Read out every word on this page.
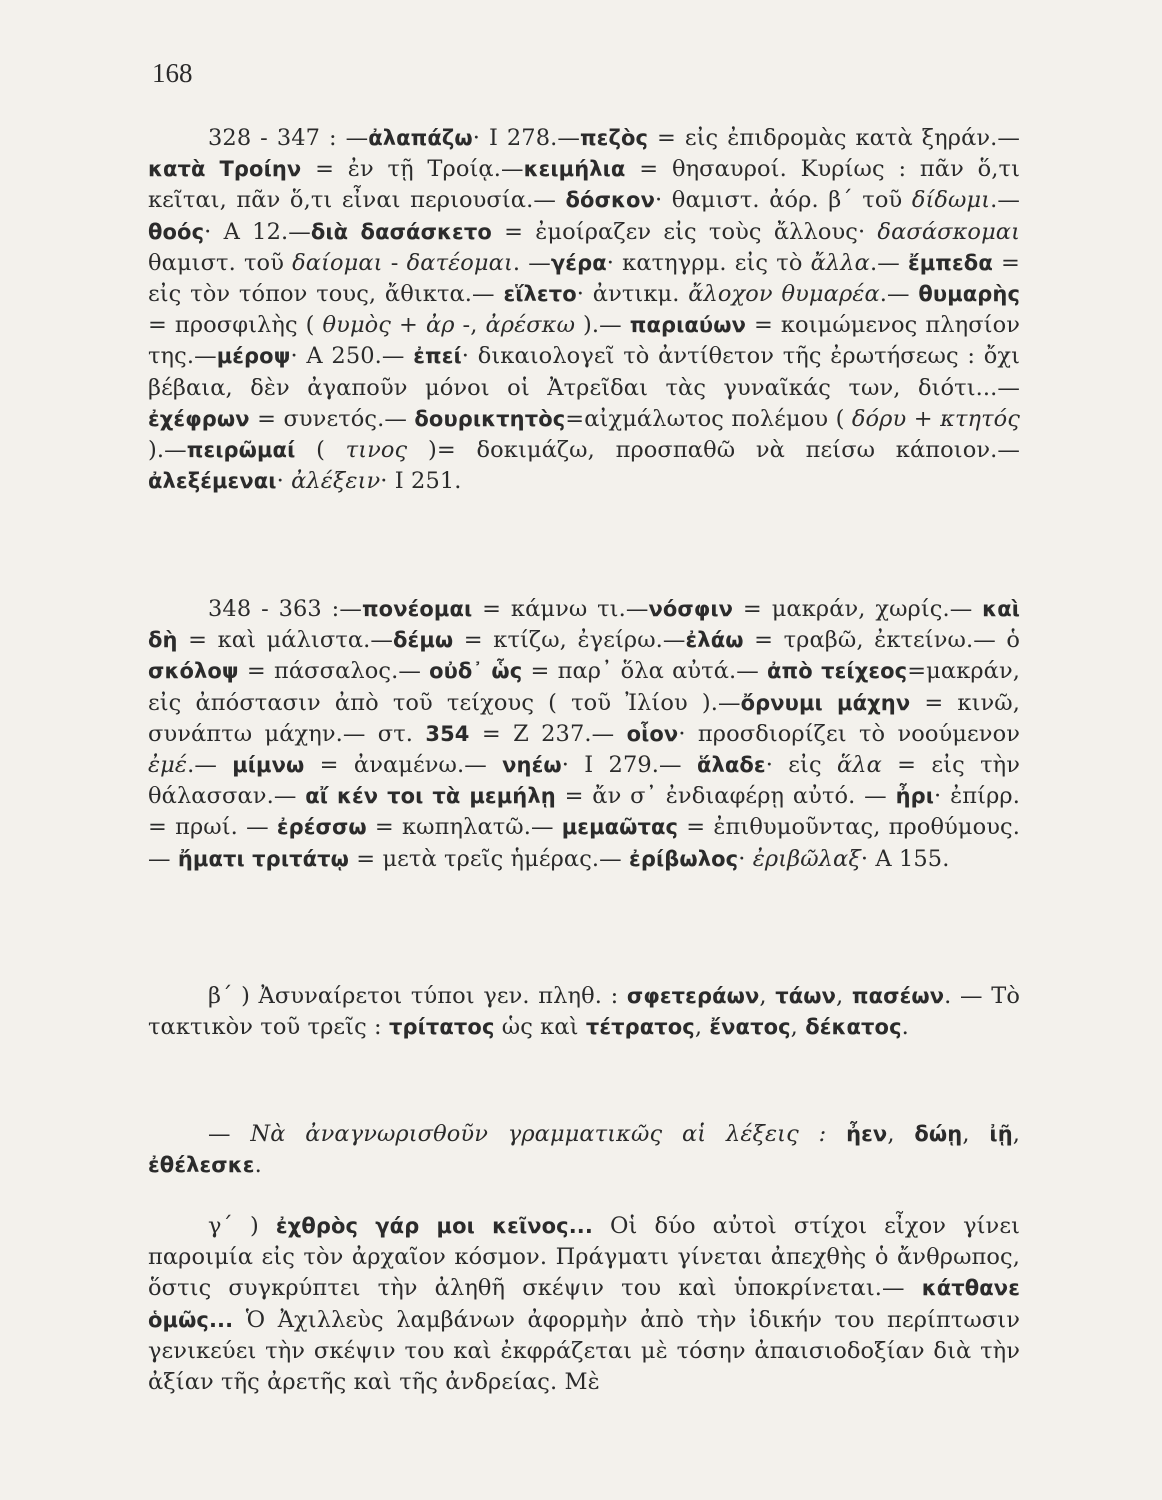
168
328 - 347 : —ἀλαπάζω· Ι 278.—πεζὸς = εἰς ἐπιδρομὰς κατὰ ξηράν.—κατὰ Τροίην = ἐν τῇ Τροίᾳ.—κειμήλια = θησαυροί. Κυρίως : πᾶν ὅ,τι κεῖται, πᾶν ὅ,τι εἶναι περιουσία.— δόσκον· θαμιστ. ἀόρ. β΄ τοῦ δίδωμι.—θοός· Α 12.—διὰ δασάσκετο = ἐμοίραζεν εἰς τοὺς ἄλλους· δασάσκομαι θαμιστ. τοῦ δαίομαι - δατέομαι. —γέρα· κατηγρμ. εἰς τὸ ἄλλα.— ἔμπεδα = εἰς τὸν τόπον τους, ἄθικτα.— εἵλετο· ἀντικμ. ἄλοχον θυμαρέα.— θυμαρὴς = προσφιλὴς ( θυμὸς + ἀρ -, ἀρέσκω ).— παριαύων = κοιμώμενος πλησίον της.—μέροψ· Α 250.— ἐπεί· δικαιολογεῖ τὸ ἀντίθετον τῆς ἐρωτήσεως : ὄχι βέβαια, δὲν ἀγαποῦν μόνοι οἱ Ἀτρεῖδαι τὰς γυναῖκάς των, διότι...— ἐχέφρων = συνετός.— δουρικτητὸς=αἰχμάλωτος πολέμου ( δόρυ + κτητός ).—πειρῶμαί ( τινος )= δοκιμάζω, προσπαθῶ νὰ πείσω κάποιον.—ἀλεξέμεναι· ἀλέξειν· Ι 251.
348 - 363 :—πονέομαι = κάμνω τι.—νόσφιν = μακράν, χωρίς.— καὶ δὴ = καὶ μάλιστα.—δέμω = κτίζω, ἐγείρω.—ἐλάω = τραβῶ, ἐκτείνω.— ὁ σκόλοψ = πάσσαλος.— οὐδ᾽ ὧς = παρ᾽ ὅλα αὐτά.— ἀπὸ τείχεος=μακράν, εἰς ἀπόστασιν ἀπὸ τοῦ τείχους ( τοῦ Ἰλίου ).—ὄρνυμι μάχην = κινῶ, συνάπτω μάχην.— στ. 354 = Ζ 237.— οἷον· προσδιορίζει τὸ νοούμενον ἐμέ.— μίμνω = ἀναμένω.— νηέω· Ι 279.— ἅλαδε· εἰς ἅλα = εἰς τὴν θάλασσαν.— αἴ κέν τοι τὰ μεμήλῃ = ἄν σ᾽ ἐνδιαφέρῃ αὐτό. — ἦρι· ἐπίρρ. = πρωί. — ἐρέσσω = κωπηλατῶ.— μεμαῶτας = ἐπιθυμοῦντας, προθύμους. — ἤματι τριτάτῳ = μετὰ τρεῖς ἡμέρας.— ἐρίβωλος· ἐριβῶλαξ· Α 155.
β΄ ) Ἀσυναίρετοι τύποι γεν. πληθ. : σφετεράων, τάων, πασέων. — Τὸ τακτικὸν τοῦ τρεῖς : τρίτατος ὡς καὶ τέτρατος, ἔνατος, δέκατος.
— Νὰ ἀναγνωρισθοῦν γραμματικῶς αἱ λέξεις : ἦεν, δώῃ, ἰῇ, ἐθέλεσκε.
γ΄ ) ἐχθρὸς γάρ μοι κεῖνος... Οἱ δύο αὐτοὶ στίχοι εἶχον γίνει παροιμία εἰς τὸν ἀρχαῖον κόσμον. Πράγματι γίνεται ἀπεχθὴς ὁ ἄνθρωπος, ὅστις συγκρύπτει τὴν ἀληθῆ σκέψιν του καὶ ὑποκρίνεται.— κάτθανε ὁμῶς... Ὁ Ἀχιλλεὺς λαμβάνων ἀφορμὴν ἀπὸ τὴν ἰδικήν του περίπτωσιν γενικεύει τὴν σκέψιν του καὶ ἐκφράζεται μὲ τόσην ἀπαισιοδοξίαν διὰ τὴν ἀξίαν τῆς ἀρετῆς καὶ τῆς ἀνδρείας. Μὲ
